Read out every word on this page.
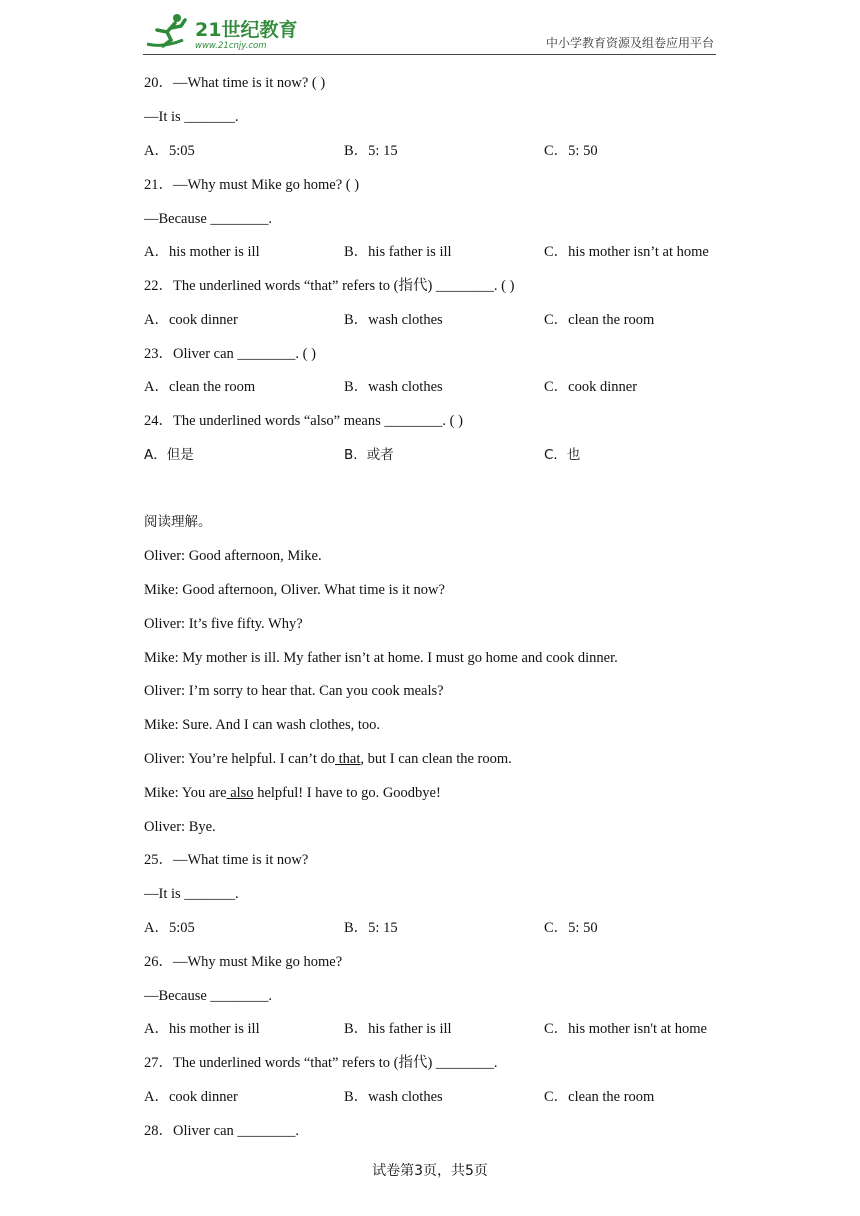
21世纪教育
www.21cnjy.com	中小学教育资源及组卷应用平台
20．—What time is it now? ( )
—It is _______.
A．5:05	B．5: 15	C．5: 50
21．—Why must Mike go home? ( )
—Because ________.
A．his mother is ill	B．his father is ill	C．his mother isn’t at home
22．The underlined words “that” refers to (指代) ________. ( )
A．cook dinner	B．wash clothes	C．clean the room
23．Oliver can ________. ( )
A．clean the room	B．wash clothes	C．cook dinner
24．The underlined words “also” means ________. ( )
A．但是	B．或者	C．也
阅读理解。
Oliver: Good afternoon, Mike.
Mike: Good afternoon, Oliver. What time is it now?
Oliver: It’s five fifty. Why?
Mike: My mother is ill. My father isn’t at home. I must go home and cook dinner.
Oliver: I’m sorry to hear that. Can you cook meals?
Mike: Sure. And I can wash clothes, too.
Oliver: You’re helpful. I can’t do that, but I can clean the room.
Mike: You are also helpful! I have to go. Goodbye!
Oliver: Bye.
25．—What time is it now?
—It is _______.
A．5:05	B．5: 15	C．5: 50
26．—Why must Mike go home?
—Because ________.
A．his mother is ill	B．his father is ill	C．his mother isn't at home
27．The underlined words “that” refers to (指代) ________.
A．cook dinner	B．wash clothes	C．clean the room
28．Oliver can ________.
试卷第3页，共5页
